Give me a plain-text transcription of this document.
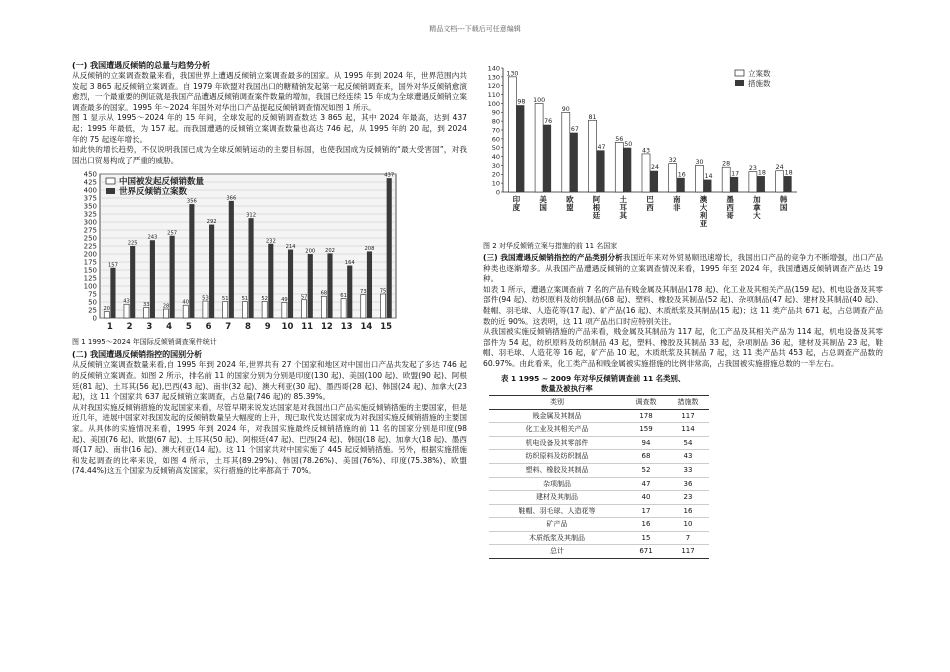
精品文档---下载后可任意编辑

(一) 我国遭遇反倾销的总量与趋势分析

从反倾销的立案调查数量来看，我国世界上遭遇反倾销立案调查最多的国家。从 1995 年到 2024 年，世界范围内共发起 3 865 起反倾销立案调查。自 1979 年欧盟对我国出口的糖精钠发起第一起反倾销调查来，国外对华反倾销愈演愈烈，一个最重要的例证就是我国产品遭遇反倾销调查案件数量的增加，我国已经连续 15 年成为全球遭遇反倾销立案调查最多的国家。1995 年～2024 年国外对华出口产品提起反倾销调查情况如图 1 所示。

图 1 显示从 1995～2024 年的 15 年间，全球发起的反倾销调查数达 3 865 起，其中 2024 年最高，达到 437 起；1995 年最低，为 157 起。而我国遭遇的反倾销立案调查数量也高达 746 起，从 1995 年的 20 起，到 2024 年的 75 起逐年增长。

如此快的增长趋势，不仅说明我国已成为全球反倾销运动的主要目标国，也使我国成为反倾销的“最大受害国”，对我国出口贸易构成了严重的威胁。

0
25
50
75
100
125
150
175
200
225
250
275
300
325
350
375
400
425
450
20
157
1
43
225
2
33
243
3
28
257
4
40
356
5
53
292
6
51
366
7
51
312
8
52
232
9
49
214
10
57
200
11
68
202
12
61
164
13
73
208
14
75
437
15
中国被发起反倾销数量
世界反倾销立案数

图 1 1995～2024 年国际反倾销调查案件统计

(二) 我国遭遇反倾销指控的国别分析

从反倾销立案调查数量来看,自 1995 年到 2024 年,世界共有 27 个国家和地区对中国出口产品共发起了多达 746 起的反倾销立案调查。如图 2 所示，排名前 11 的国家分别为分别是印度(130 起)、美国(100 起)、欧盟(90 起)、阿根廷(81 起)、土耳其(56 起),巴西(43 起)、南非(32 起)、澳大利亚(30 起)、墨西哥(28 起)、韩国(24 起)、加拿大(23 起)，这 11 个国家共 637 起反倾销立案调查，占总量(746 起)的 85.39%。

从对我国实施反倾销措施的发起国家来看，尽管早期来说发达国家是对我国出口产品实施反倾销措施的主要国家，但是近几年，进展中国家对我国发起的反倾销数量呈大幅度的上升，现已取代发达国家成为对我国实施反倾销措施的主要国家。从具体的实施情况来看，1995 年到 2024 年，对我国实施最终反倾销措施的前 11 名的国家分别是印度(98 起)、美国(76 起)、欧盟(67 起)、土耳其(50 起)、阿根廷(47 起)、巴西(24 起)、韩国(18 起)、加拿大(18 起)、墨西哥(17 起)、南非(16 起)、澳大利亚(14 起)。这 11 个国家共对中国实施了 445 起反倾销措施。另外，根据实施措施和发起调查的比率来说，如图 4 所示，土耳其(89.29%)、韩国(78.26%)、美国(76%)、印度(75.38%)、欧盟(74.44%)这五个国家为反倾销高发国家，实行措施的比率都高于 70%。

0
10
20
30
40
50
60
70
80
90
100
110
120
130
140
130
98
印度
100
76
美国
90
67
欧盟
81
47
阿根廷
56
50
土耳其
43
24
巴西
32
16
南非
30
14
澳大利亚
28
17
墨西哥
23
18
加拿大
24
18
韩国
立案数
措施数

图 2 对华反倾销立案与措施的前 11 名国家

(三) 我国遭遇反倾销指控的产品类别分析我国近年来对外贸易顺迅速增长，我国出口产品的竞争力不断增强，出口产品种类也逐渐增多。从我国产品遭遇反倾销的立案调查情况来看，1995 年至 2024 年，我国遭遇反倾销调查产品达 19 种。

如表 1 所示，遭遇立案调查前 7 名的产品有贱金属及其制品(178 起)、化工业及其相关产品(159 起)、机电设备及其零部件(94 起)、纺织原料及纺织制品(68 起)、塑料、橡胶及其制品(52 起)、杂项制品(47 起)、建材及其制品(40 起)、鞋帽、羽毛球、人造花等(17 起)、矿产品(16 起)、木质纸浆及其制品(15 起)；这 11 类产品共 671 起，占总调查产品数的近 90%。这表明，这 11 项产品出口时应特别关注。

从我国被实施反倾销措施的产品来看，贱金属及其制品为 117 起，化工产品及其相关产品为 114 起，机电设备及其零部件为 54 起，纺织原料及纺织制品 43 起，塑料、橡胶及其制品 33 起，杂项制品 36 起，建材及其制品 23 起，鞋帽、羽毛球、人造花等 16 起，矿产品 10 起，木质纸浆及其制品 7 起，这 11 类产品共 453 起，占总调查产品数的 60.97%。由此看来，化工类产品和贱金属被实施措施的比例非常高，占我国被实施措施总数的一半左右。

表 1 1995 ~ 2009 年对华反倾销调查前 11 名类别、
数量及被执行率
类别	调查数	措施数
贱金属及其制品	178	117
化工业及其相关产品	159	114
机电设备及其零部件	94	54
纺织原料及纺织制品	68	43
塑料、橡胶及其制品	52	33
杂项制品	47	36
建材及其制品	40	23
鞋帽、羽毛球、人造花等	17	16
矿产品	16	10
木质纸浆及其制品	15	7
总计	671	117
